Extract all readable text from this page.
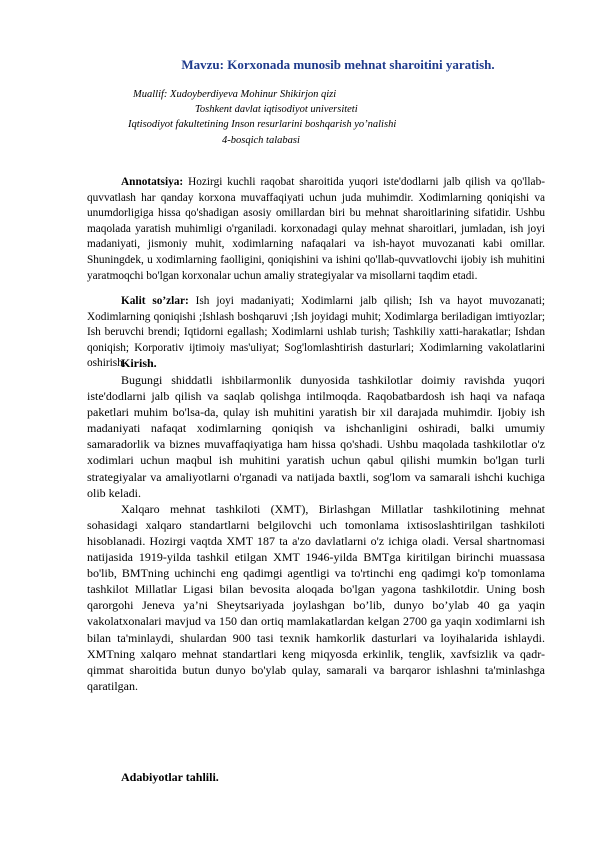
Mavzu: Korxonada munosib mehnat sharoitini yaratish.
Muallif: Xudoyberdiyeva Mohinur Shikirjon qizi
Toshkent davlat iqtisodiyot universiteti
Iqtisodiyot fakultetining Inson resurlarini boshqarish yo’nalishi
4-bosqich talabasi
Annotatsiya: Hozirgi kuchli raqobat sharoitida yuqori iste'dodlarni jalb qilish va qo'llab-quvvatlash har qanday korxona muvaffaqiyati uchun juda muhimdir. Xodimlarning qoniqishi va unumdorligiga hissa qo'shadigan asosiy omillardan biri bu mehnat sharoitlarining sifatidir. Ushbu maqolada yaratish muhimligi o'rganiladi. korxonadagi qulay mehnat sharoitlari, jumladan, ish joyi madaniyati, jismoniy muhit, xodimlarning nafaqalari va ish-hayot muvozanati kabi omillar. Shuningdek, u xodimlarning faolligini, qoniqishini va ishini qo'llab-quvvatlovchi ijobiy ish muhitini yaratmoqchi bo'lgan korxonalar uchun amaliy strategiyalar va misollarni taqdim etadi.
Kalit so’zlar: Ish joyi madaniyati; Xodimlarni jalb qilish; Ish va hayot muvozanati; Xodimlarning qoniqishi ;Ishlash boshqaruvi ;Ish joyidagi muhit; Xodimlarga beriladigan imtiyozlar; Ish beruvchi brendi; Iqtidorni egallash; Xodimlarni ushlab turish; Tashkiliy xatti-harakatlar; Ishdan qoniqish; Korporativ ijtimoiy mas'uliyat; Sog'lomlashtirish dasturlari; Xodimlarning vakolatlarini oshirish.
Kirish.

Bugungi shiddatli ishbilarmonlik dunyosida tashkilotlar doimiy ravishda yuqori iste'dodlarni jalb qilish va saqlab qolishga intilmoqda. Raqobatbardosh ish haqi va nafaqa paketlari muhim bo'lsa-da, qulay ish muhitini yaratish bir xil darajada muhimdir. Ijobiy ish madaniyati nafaqat xodimlarning qoniqish va ishchanligini oshiradi, balki umumiy samaradorlik va biznes muvaffaqiyatiga ham hissa qo'shadi. Ushbu maqolada tashkilotlar o'z xodimlari uchun maqbul ish muhitini yaratish uchun qabul qilishi mumkin bo'lgan turli strategiyalar va amaliyotlarni o'rganadi va natijada baxtli, sog'lom va samarali ishchi kuchiga olib keladi.

Xalqaro mehnat tashkiloti (XMT), Birlashgan Millatlar tashkilotining mehnat sohasidagi xalqaro standartlarni belgilovchi uch tomonlama ixtisoslashtirilgan tashkiloti hisoblanadi. Hozirgi vaqtda XMT 187 ta a'zo davlatlarni o'z ichiga oladi. Versal shartnomasi natijasida 1919-yilda tashkil etilgan XMT 1946-yilda BMTga kiritilgan birinchi muassasa bo'lib, BMTning uchinchi eng qadimgi agentligi va to'rtinchi eng qadimgi ko'p tomonlama tashkilot Millatlar Ligasi bilan bevosita aloqada bo'lgan yagona tashkilotdir. Uning bosh qarorgohi Jeneva ya’ni Sheytsariyada joylashgan bo’lib, dunyo bo’ylab 40 ga yaqin vakolatxonalari mavjud va 150 dan ortiq mamlakatlardan kelgan 2700 ga yaqin xodimlarni ish bilan ta'minlaydi, shulardan 900 tasi texnik hamkorlik dasturlari va loyihalarida ishlaydi. XMTning xalqaro mehnat standartlari keng miqyosda erkinlik, tenglik, xavfsizlik va qadr-qimmat sharoitida butun dunyo bo'ylab qulay, samarali va barqaror ishlashni ta'minlashga qaratilgan.

Adabiyotlar tahlili.
